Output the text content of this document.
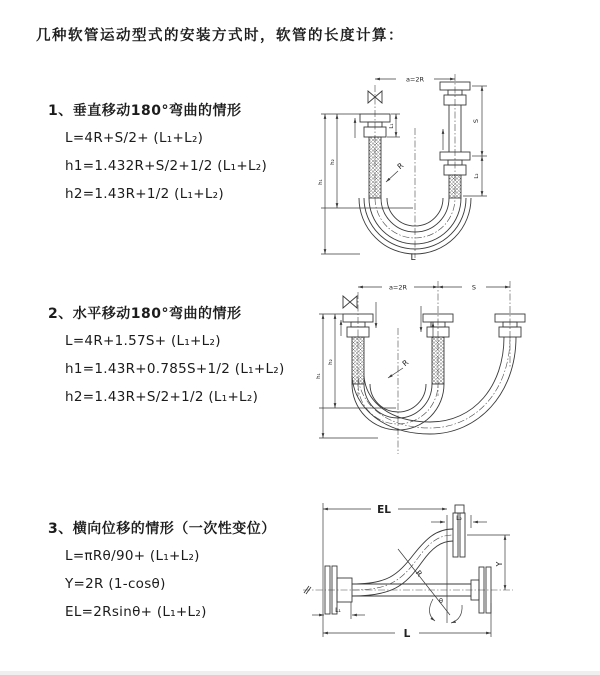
几种软管运动型式的安装方式时，软管的长度计算：

1、垂直移动180°弯曲的情形

L=4R+S/2+ (L₁+L₂)

h1=1.432R+S/2+1/2 (L₁+L₂)

h2=1.43R+1/2 (L₁+L₂)

2、水平移动180°弯曲的情形

L=4R+1.57S+ (L₁+L₂)

h1=1.43R+0.785S+1/2 (L₁+L₂)

h2=1.43R+S/2+1/2 (L₁+L₂)

3、横向位移的情形（一次性变位）

L=πRθ/90+ (L₁+L₂)

Y=2R (1-cosθ)

EL=2Rsinθ+ (L₁+L₂)

a=2R
S
L₂
L₁
h₁
h₂	R
L
a=2R	S
h₁
h₂	R
θ
R
EL
L₂
Y
L₁
L
